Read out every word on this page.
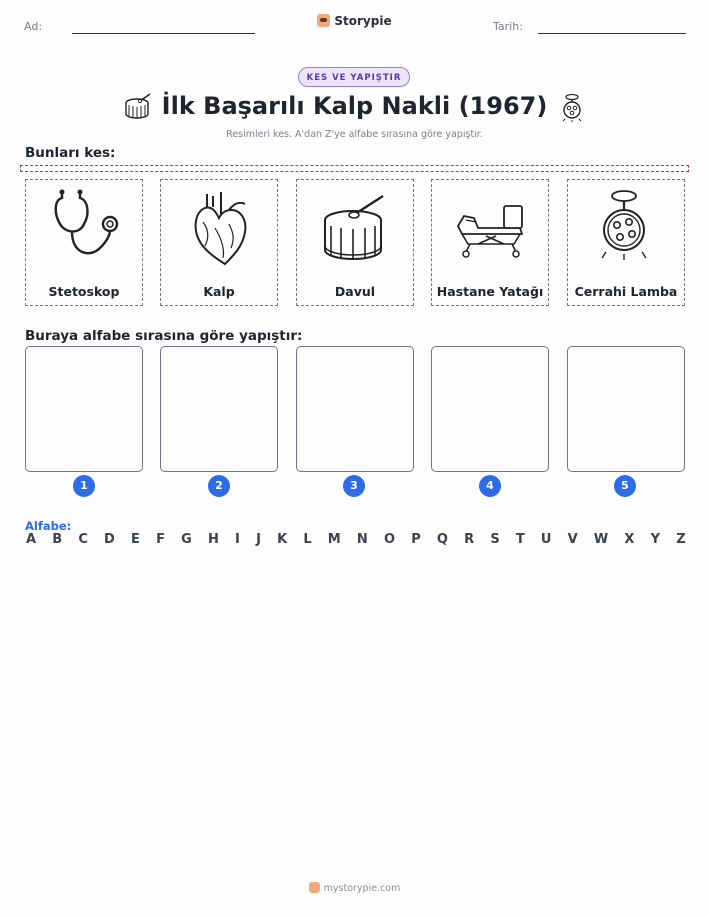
Ad:	Storypie	Tarih:
KES VE YAPIŞTIR
İlk Başarılı Kalp Nakli (1967)
Resimleri kes. A'dan Z'ye alfabe sırasına göre yapıştır.
Bunları kes:
Stetoskop	Kalp	Davul	Hastane Yatağı	Cerrahi Lamba
Buraya alfabe sırasına göre yapıştır:
1	2	3	4	5
Alfabe:
A B C D E F G H I J K L M N O P Q R S T U V W X Y Z
mystorypie.com
